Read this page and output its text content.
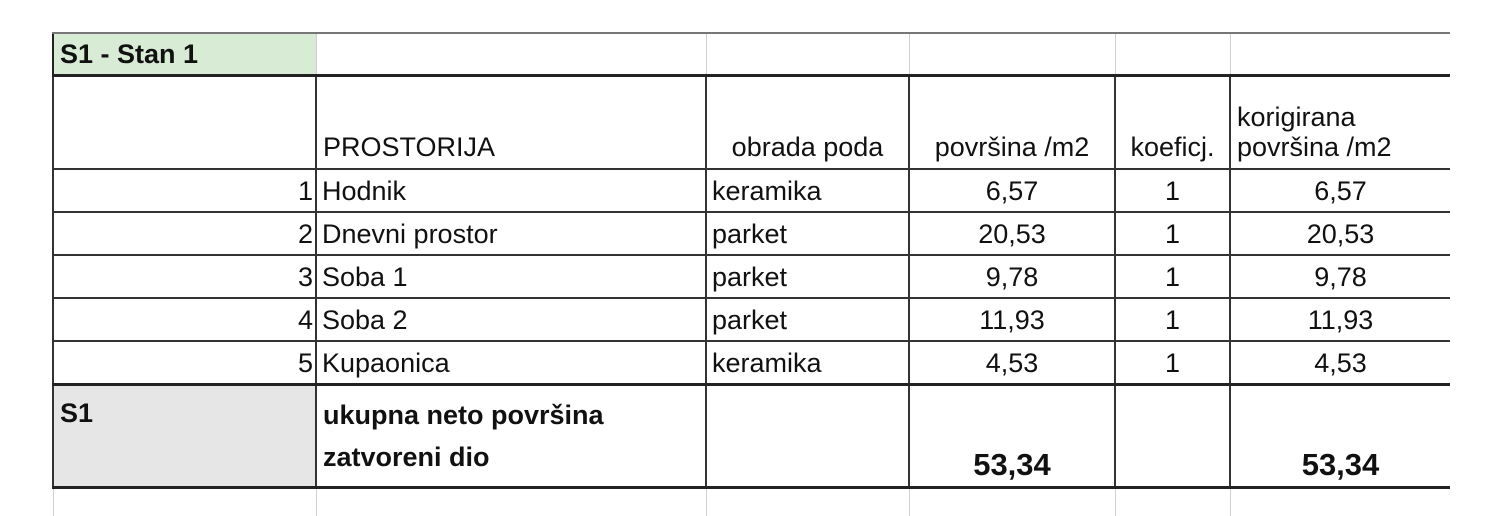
S1 - Stan 1					
	PROSTORIJA	obrada poda	površina /m2	koeficj.	korigirana površina /m2
1	Hodnik	keramika	6,57	1	6,57
2	Dnevni prostor	parket	20,53	1	20,53
3	Soba 1	parket	9,78	1	9,78
4	Soba 2	parket	11,93	1	11,93
5	Kupaonica	keramika	4,53	1	4,53
S1	ukupna neto površina zatvoreni dio		53,34		53,34
